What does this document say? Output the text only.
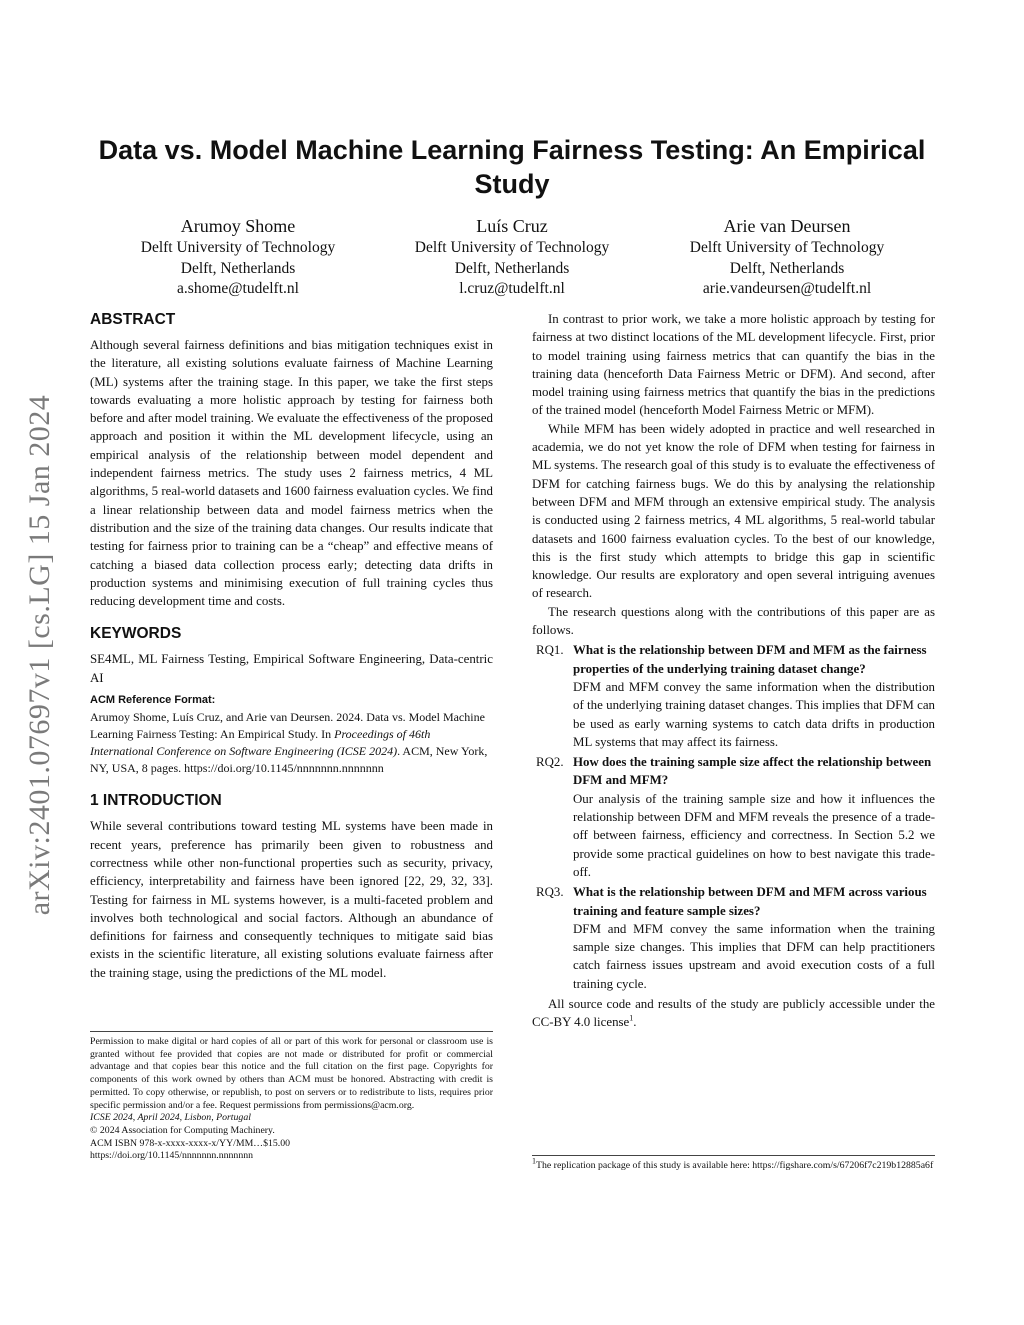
arXiv:2401.07697v1 [cs.LG] 15 Jan 2024
Data vs. Model Machine Learning Fairness Testing: An Empirical Study
Arumoy Shome
Delft University of Technology
Delft, Netherlands
a.shome@tudelft.nl
Luís Cruz
Delft University of Technology
Delft, Netherlands
l.cruz@tudelft.nl
Arie van Deursen
Delft University of Technology
Delft, Netherlands
arie.vandeursen@tudelft.nl
ABSTRACT

Although several fairness definitions and bias mitigation techniques exist in the literature, all existing solutions evaluate fairness of Machine Learning (ML) systems after the training stage. In this paper, we take the first steps towards evaluating a more holistic approach by testing for fairness both before and after model training. We evaluate the effectiveness of the proposed approach and position it within the ML development lifecycle, using an empirical analysis of the relationship between model dependent and independent fairness metrics. The study uses 2 fairness metrics, 4 ML algorithms, 5 real-world datasets and 1600 fairness evaluation cycles. We find a linear relationship between data and model fairness metrics when the distribution and the size of the training data changes. Our results indicate that testing for fairness prior to training can be a “cheap” and effective means of catching a biased data collection process early; detecting data drifts in production systems and minimising execution of full training cycles thus reducing development time and costs.

KEYWORDS

SE4ML, ML Fairness Testing, Empirical Software Engineering, Data-centric AI

ACM Reference Format:
Arumoy Shome, Luís Cruz, and Arie van Deursen. 2024. Data vs. Model Machine Learning Fairness Testing: An Empirical Study. In Proceedings of 46th International Conference on Software Engineering (ICSE 2024). ACM, New York, NY, USA, 8 pages. https://doi.org/10.1145/nnnnnnn.nnnnnnn
1 INTRODUCTION

While several contributions toward testing ML systems have been made in recent years, preference has primarily been given to robustness and correctness while other non-functional properties such as security, privacy, efficiency, interpretability and fairness have been ignored [22, 29, 32, 33]. Testing for fairness in ML systems however, is a multi-faceted problem and involves both technological and social factors. Although an abundance of definitions for fairness and consequently techniques to mitigate said bias exists in the scientific literature, all existing solutions evaluate fairness after the training stage, using the predictions of the ML model.

In contrast to prior work, we take a more holistic approach by testing for fairness at two distinct locations of the ML development lifecycle. First, prior to model training using fairness metrics that can quantify the bias in the training data (henceforth Data Fairness Metric or DFM). And second, after model training using fairness metrics that quantify the bias in the predictions of the trained model (henceforth Model Fairness Metric or MFM).

While MFM has been widely adopted in practice and well researched in academia, we do not yet know the role of DFM when testing for fairness in ML systems. The research goal of this study is to evaluate the effectiveness of DFM for catching fairness bugs. We do this by analysing the relationship between DFM and MFM through an extensive empirical study. The analysis is conducted using 2 fairness metrics, 4 ML algorithms, 5 real-world tabular datasets and 1600 fairness evaluation cycles. To the best of our knowledge, this is the first study which attempts to bridge this gap in scientific knowledge. Our results are exploratory and open several intriguing avenues of research.

The research questions along with the contributions of this paper are as follows.

RQ1. What is the relationship between DFM and MFM as the fairness properties of the underlying training dataset change?
DFM and MFM convey the same information when the distribution of the underlying training dataset changes. This implies that DFM can be used as early warning systems to catch data drifts in production ML systems that may affect its fairness.
RQ2. How does the training sample size affect the relationship between DFM and MFM?
Our analysis of the training sample size and how it influences the relationship between DFM and MFM reveals the presence of a trade-off between fairness, efficiency and correctness. In Section 5.2 we provide some practical guidelines on how to best navigate this trade-off.
RQ3. What is the relationship between DFM and MFM across various training and feature sample sizes?
DFM and MFM convey the same information when the training sample size changes. This implies that DFM can help practitioners catch fairness issues upstream and avoid execution costs of a full training cycle.

All source code and results of the study are publicly accessible under the CC-BY 4.0 license$^1$.

Permission to make digital or hard copies of all or part of this work for personal or classroom use is granted without fee provided that copies are not made or distributed for profit or commercial advantage and that copies bear this notice and the full citation on the first page. Copyrights for components of this work owned by others than ACM must be honored. Abstracting with credit is permitted. To copy otherwise, or republish, to post on servers or to redistribute to lists, requires prior specific permission and/or a fee. Request permissions from permissions@acm.org.
ICSE 2024, April 2024, Lisbon, Portugal
© 2024 Association for Computing Machinery.
ACM ISBN 978-x-xxxx-xxxx-x/YY/MM…$15.00
https://doi.org/10.1145/nnnnnnn.nnnnnnn	$^1$The replication package of this study is available here: https://figshare.com/s/67206f7c219b12885a6f
